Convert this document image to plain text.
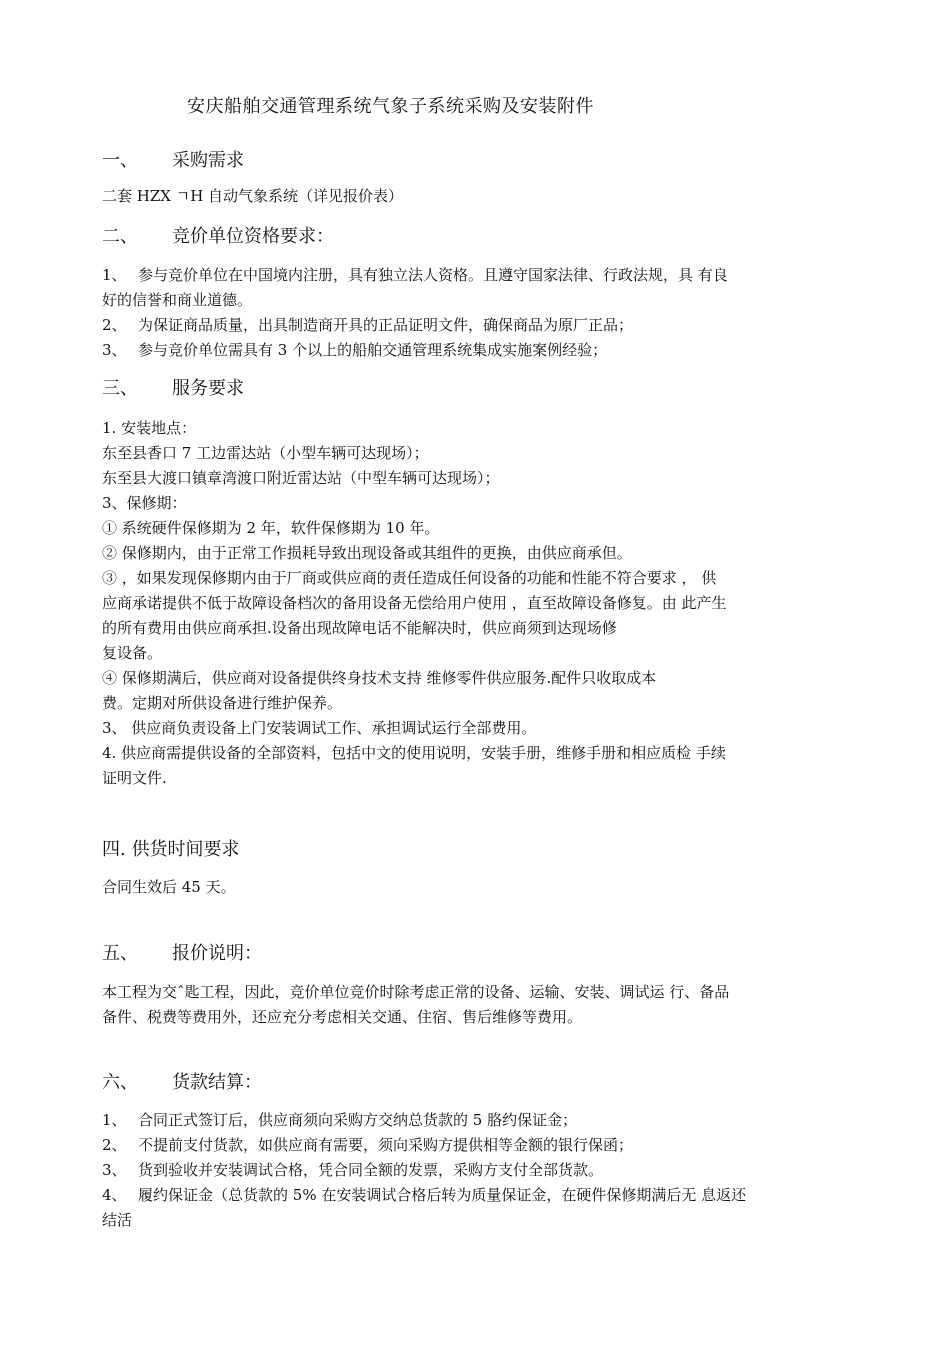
安庆船舶交通管理系统气象子系统采购及安装附件
一、 采购需求
二套 HZX ㄱH 自动气象系统（详见报价表）
二、 竞价单位资格要求：
1、 参与竞价单位在中国境内注册，具有独立法人资格。且遵守国家法律、行政法规，具 有良
好的信誉和商业道德。
2、 为保证商品质量，出具制造商开具的正品证明文件，确保商品为原厂正品；
3、 参与竞价单位需具有 3 个以上的船舶交通管理系统集成实施案例经验；
三、 服务要求
1. 安装地点：
东至县香口 7 工边雷达站（小型车辆可达现场）；
东至县大渡口镇章湾渡口附近雷达站（中型车辆可达现场）；
3、保修期：
① 系统硬件保修期为 2 年，软件保修期为 10 年。
② 保修期内，由于正常工作损耗导致出现设备或其组件的更换，由供应商承但。
③ ，如果发现保修期内由于厂商或供应商的责任造成任何设备的功能和性能不符合要求 ， 供
应商承诺提供不低于故障设备档次的备用设备无偿给用户使用 ，直至故障设备修复。由 此产生
的所有费用由供应商承担.设备出现故障电话不能解决时，供应商须到达现场修
复设备。
④ 保修期满后，供应商对设备提供终身技术支持 维修零件供应服务.配件只收取成本
费。定期对所供设备进行维护保养。
3、 供应商负责设备上门安装调试工作、承担调试运行全部费用。
4. 供应商需提供设备的全部资料，包括中文的使用说明，安装手册，维修手册和相应质检 手续
证明文件.
四. 供货时间要求
合同生效后 45 天。
五、 报价说明：
本工程为交ˆ匙工程，因此，竞价单位竞价时除考虑正常的设备、运输、安装、调试运 行、备品
备件、税费等费用外，还应充分考虑相关交通、住宿、售后维修等费用。
六、 货款结算：
1、 合同正式签订后，供应商须向采购方交纳总货款的 5 胳约保证金；
2、 不提前支付货款，如供应商有需要，须向采购方提供相等金额的银行保函；
3、 货到验收并安装调试合格，凭合同全额的发票，采购方支付全部货款。
4、 履约保证金（总货款的 5% 在安装调试合格后转为质量保证金，在硬件保修期满后无 息返还
结活
